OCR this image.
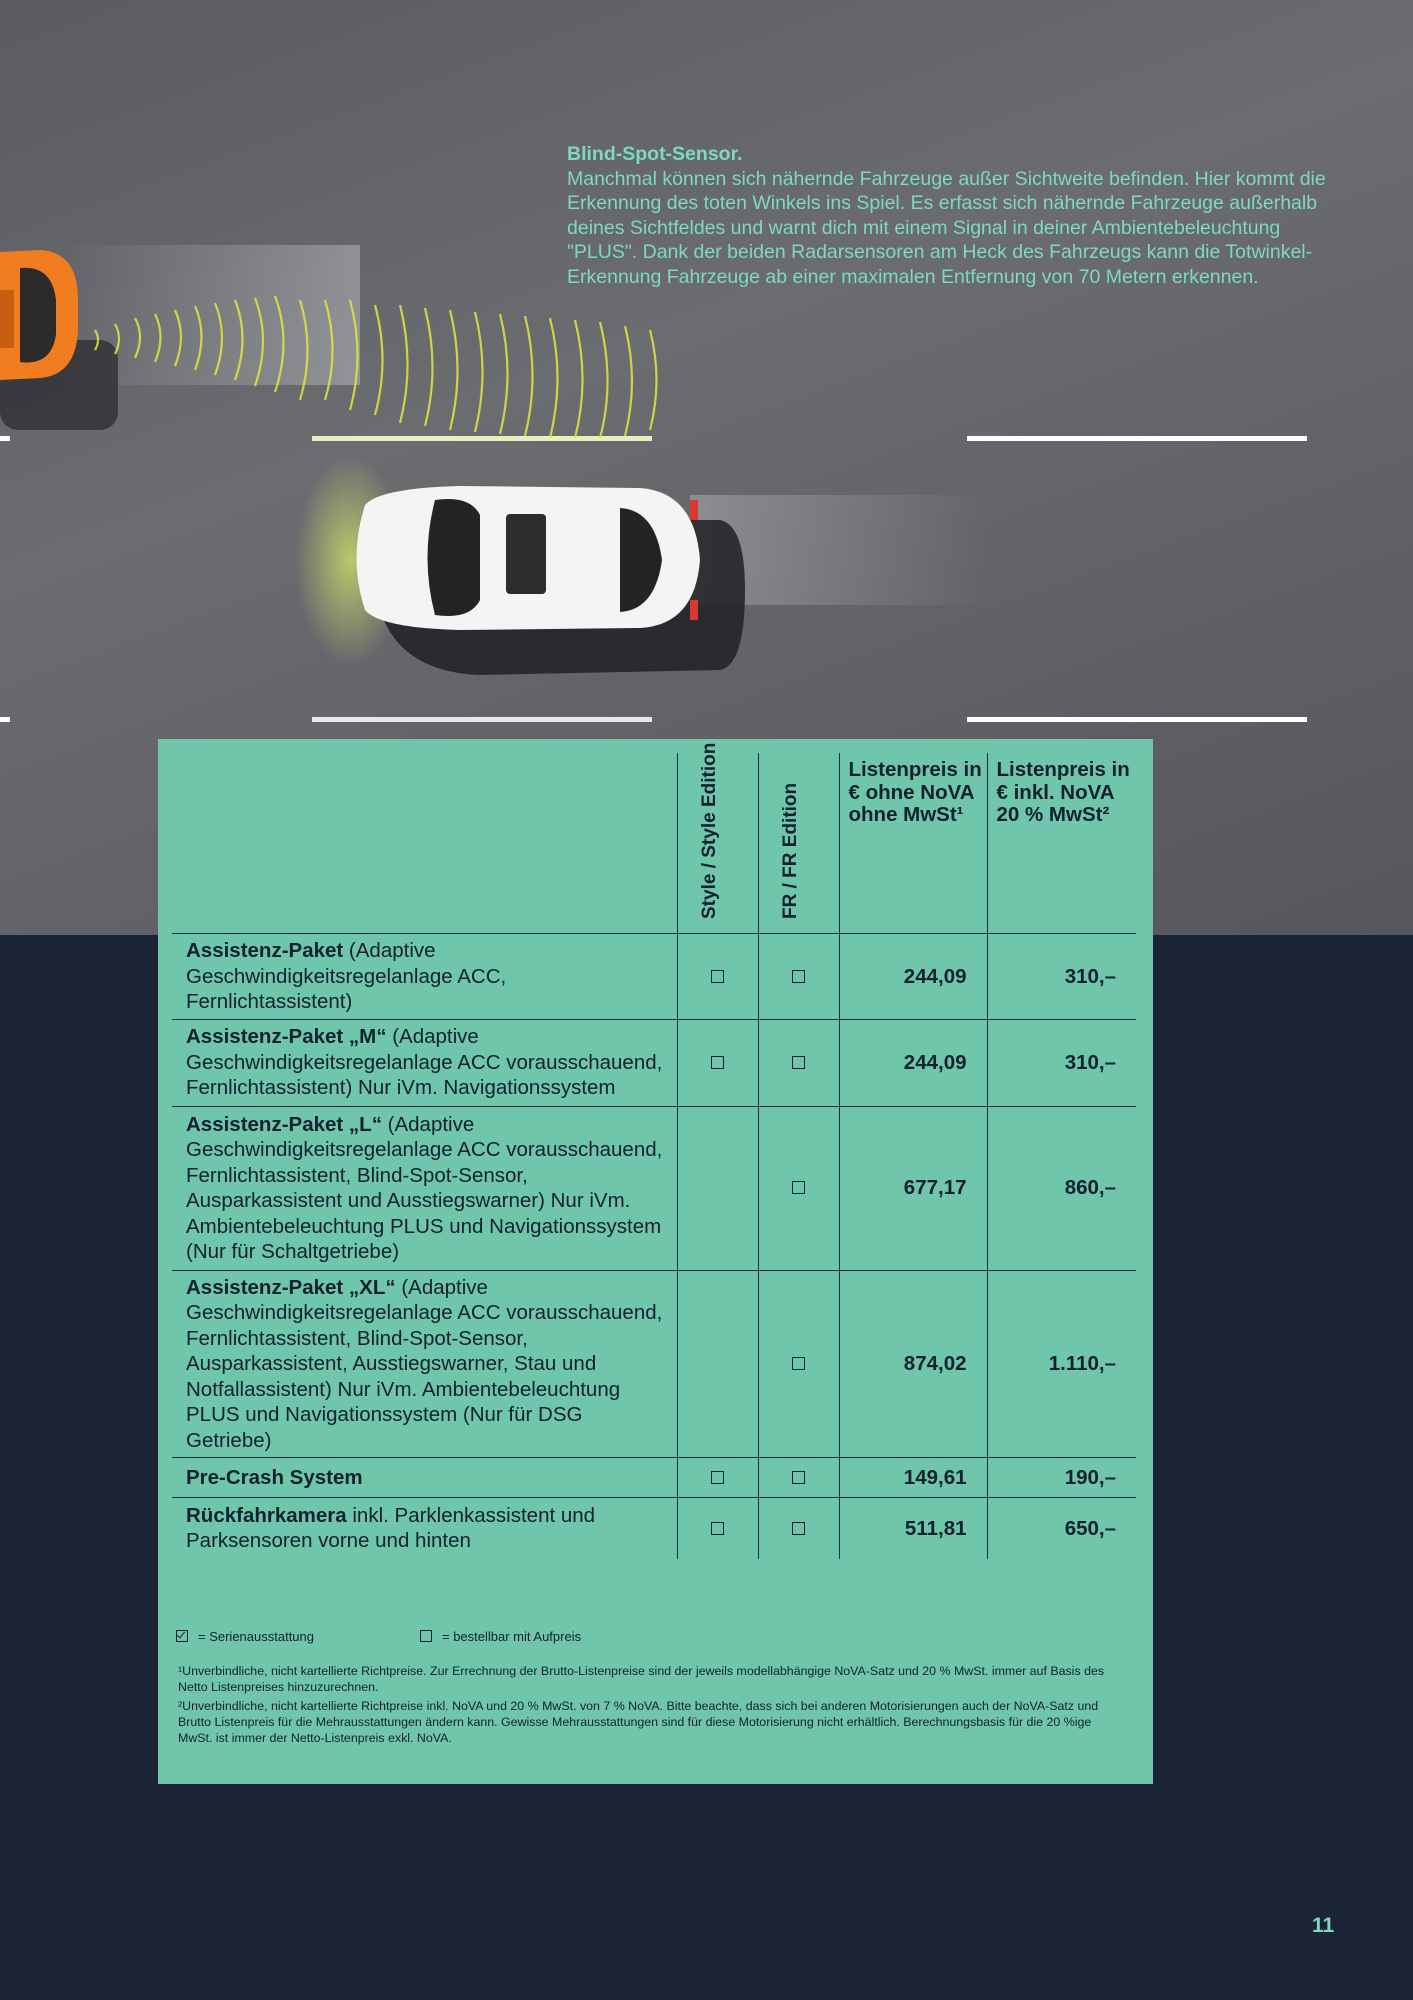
Blind-Spot-Sensor.
Manchmal können sich nähernde Fahrzeuge außer Sichtweite befinden. Hier kommt die Erkennung des toten Winkels ins Spiel. Es erfasst sich nähernde Fahrzeuge außerhalb deines Sichtfeldes und warnt dich mit einem Signal in deiner Ambientebeleuchtung "PLUS". Dank der beiden Radarsensoren am Heck des Fahrzeugs kann die Totwinkel-Erkennung Fahrzeuge ab einer maximalen Entfernung von 70 Metern erkennen.

	Style / Style Edition	FR / FR Edition	Listenpreis in € ohne NoVA ohne MwSt¹	Listenpreis in € inkl. NoVA 20 % MwSt²
Assistenz-Paket (Adaptive Geschwindigkeitsregelanlage ACC, Fernlichtassistent)			244,09	310,–
Assistenz-Paket „M“ (Adaptive Geschwindigkeitsregelanlage ACC vorausschauend, Fernlichtassistent) Nur iVm. Navigationssystem			244,09	310,–
Assistenz-Paket „L“ (Adaptive Geschwindigkeitsregelanlage ACC vorausschauend, Fernlichtassistent, Blind-Spot-Sensor, Ausparkassistent und Ausstiegswarner) Nur iVm. Ambientebeleuchtung PLUS und Navigationssystem (Nur für Schaltgetriebe)			677,17	860,–
Assistenz-Paket „XL“ (Adaptive Geschwindigkeitsregelanlage ACC vorausschauend, Fernlichtassistent, Blind-Spot-Sensor, Ausparkassistent, Ausstiegswarner, Stau und Notfallassistent) Nur iVm. Ambientebeleuchtung PLUS und Navigationssystem (Nur für DSG Getriebe)			874,02	1.110,–
Pre-Crash System			149,61	190,–
Rückfahrkamera inkl. Parklenkassistent und Parksensoren vorne und hinten			511,81	650,–
= Serienausstattung	= bestellbar mit Aufpreis

¹Unverbindliche, nicht kartellierte Richtpreise. Zur Errechnung der Brutto-Listenpreise sind der jeweils modellabhängige NoVA-Satz und 20 % MwSt. immer auf Basis des Netto Listenpreises hinzuzurechnen.

²Unverbindliche, nicht kartellierte Richtpreise inkl. NoVA und 20 % MwSt. von 7 % NoVA. Bitte beachte, dass sich bei anderen Motorisierungen auch der NoVA-Satz und Brutto Listenpreis für die Mehrausstattungen ändern kann. Gewisse Mehrausstattungen sind für diese Motorisierung nicht erhältlich. Berechnungsbasis für die 20 %ige MwSt. ist immer der Netto-Listenpreis exkl. NoVA.

11
